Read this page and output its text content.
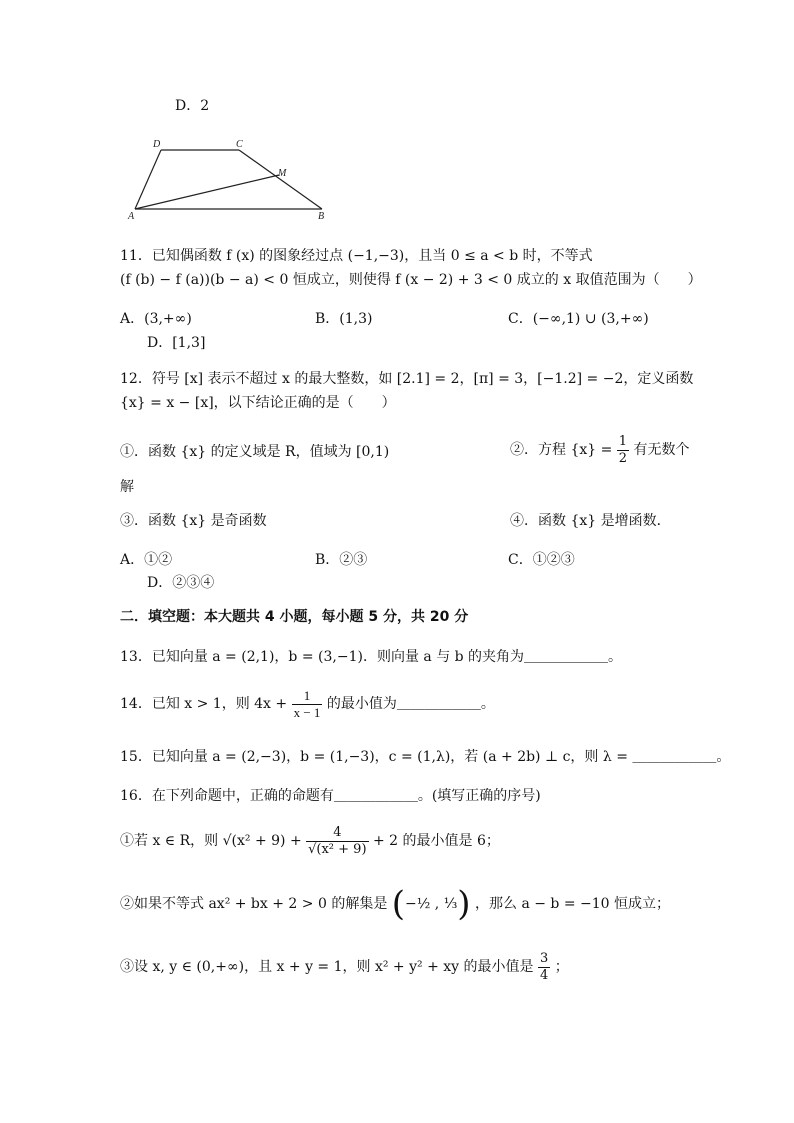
D．2
D	C
M
A	B
11．已知偶函数 f (x) 的图象经过点 (−1,−3)，且当 0 ≤ a < b 时，不等式
(f (b) − f (a))(b − a) < 0 恒成立，则使得 f (x − 2) + 3 < 0 成立的 x 取值范围为（　　）
A．(3,+∞)	B．(1,3)	C．(−∞,1) ∪ (3,+∞)
D．[1,3]
12．符号 [x] 表示不超过 x 的最大整数，如 [2.1] = 2，[π] = 3，[−1.2] = −2，定义函数
{x} = x − [x]，以下结论正确的是（　　）
①．函数 {x} 的定义域是 R，值域为 [0,1)	②．方程 $\{x\} = \frac{1}{2}$ 有无数个
解
③．函数 {x} 是奇函数	④．函数 {x} 是增函数．
A．①②	B．②③	C．①②③
D．②③④
二．填空题：本大题共 4 小题，每小题 5 分，共 20 分
13．已知向量 a = (2,1)，b = (3,−1)．则向量 a 与 b 的夹角为＿＿＿＿＿＿。
14．已知 x > 1，则 $4x + \frac{1}{x - 1}$ 的最小值为＿＿＿＿＿＿。
15．已知向量 a = (2,−3)，b = (1,−3)，c = (1,λ)，若 (a + 2b) ⊥ c，则 λ = ＿＿＿＿＿＿。
16．在下列命题中，正确的命题有＿＿＿＿＿＿。(填写正确的序号)
①若 x ∈ R，则 $√(x^2 + 9) + \frac{4}{\text{√(x² + 9)}} + 2$ 的最小值是 6；
②如果不等式 ax² + bx + 2 > 0 的解集是 (−½ , ⅓) ，那么 a − b = −10 恒成立；
③设 x, y ∈ (0,+∞)，且 x + y = 1，则 x² + y² + xy 的最小值是 $\frac{3}{4}$ ；
